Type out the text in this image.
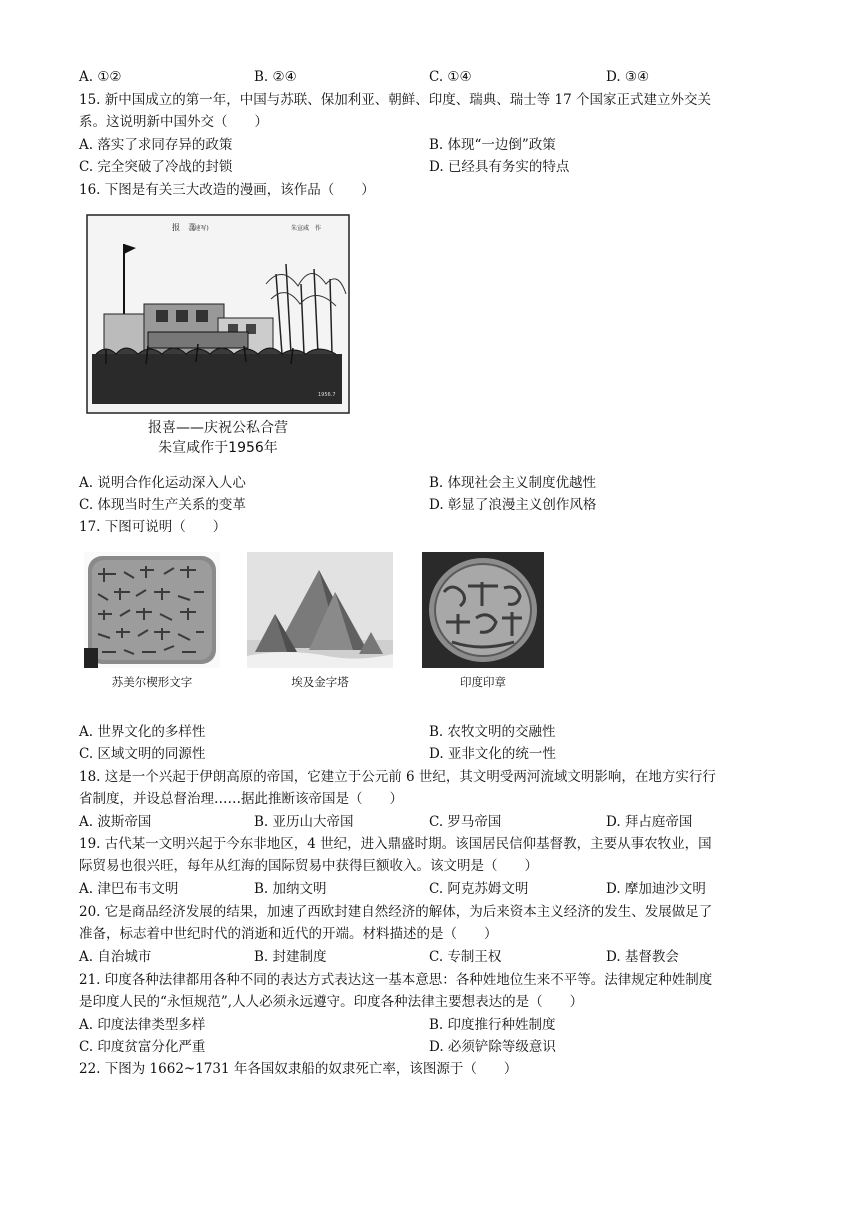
A. ①②	B. ②④	C. ①④	D. ③④
15. 新中国成立的第一年，中国与苏联、保加利亚、朝鲜、印度、瑞典、瑞士等 17 个国家正式建立外交关
系。这说明新中国外交（　　）
A. 落实了求同存异的政策	B. 体现“一边倒”政策
C. 完全突破了冷战的封锁	D. 已经具有务实的特点
16. 下图是有关三大改造的漫画，该作品（　　）
报　喜
(速写)	朱宣咸　作
1956.7
报喜——庆祝公私合营
朱宣咸作于1956年
A. 说明合作化运动深入人心	B. 体现社会主义制度优越性
C. 体现当时生产关系的变革	D. 彰显了浪漫主义创作风格
17. 下图可说明（　　）
苏美尔楔形文字	埃及金字塔	印度印章
A. 世界文化的多样性	B. 农牧文明的交融性
C. 区域文明的同源性	D. 亚非文化的统一性
18. 这是一个兴起于伊朗高原的帝国，它建立于公元前 6 世纪，其文明受两河流域文明影响，在地方实行行
省制度，并设总督治理……据此推断该帝国是（　　）
A. 波斯帝国	B. 亚历山大帝国	C. 罗马帝国	D. 拜占庭帝国
19. 古代某一文明兴起于今东非地区，4 世纪，进入鼎盛时期。该国居民信仰基督教，主要从事农牧业，国
际贸易也很兴旺，每年从红海的国际贸易中获得巨额收入。该文明是（　　）
A. 津巴布韦文明	B. 加纳文明	C. 阿克苏姆文明	D. 摩加迪沙文明
20. 它是商品经济发展的结果，加速了西欧封建自然经济的解体，为后来资本主义经济的发生、发展做足了
准备，标志着中世纪时代的消逝和近代的开端。材料描述的是（　　）
A. 自治城市	B. 封建制度	C. 专制王权	D. 基督教会
21. 印度各种法律都用各种不同的表达方式表达这一基本意思：各种姓地位生来不平等。法律规定种姓制度
是印度人民的“永恒规范”,人人必须永远遵守。印度各种法律主要想表达的是（　　）
A. 印度法律类型多样	B. 印度推行种姓制度
C. 印度贫富分化严重	D. 必须铲除等级意识
22. 下图为 1662~1731 年各国奴隶船的奴隶死亡率，该图源于（　　）
